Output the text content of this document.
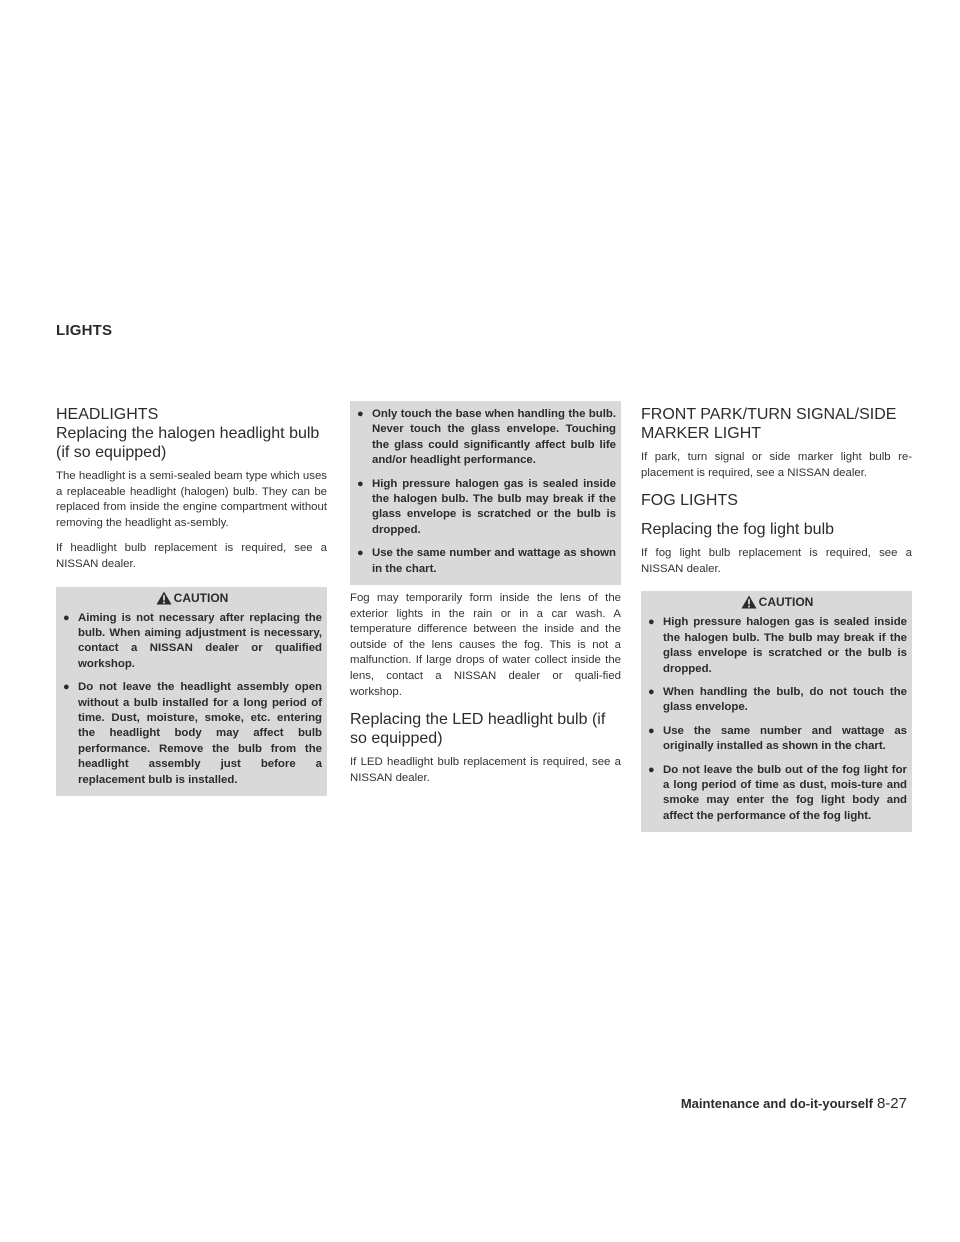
LIGHTS
HEADLIGHTS
Replacing the halogen headlight bulb (if so equipped)

The headlight is a semi-sealed beam type which uses a replaceable headlight (halogen) bulb. They can be replaced from inside the engine compartment without removing the headlight as-sembly.

If headlight bulb replacement is required, see a NISSAN dealer.

CAUTION
● Aiming is not necessary after replacing the bulb. When aiming adjustment is necessary, contact a NISSAN dealer or qualified workshop.
● Do not leave the headlight assembly open without a bulb installed for a long period of time. Dust, moisture, smoke, etc. entering the headlight body may affect bulb performance. Remove the bulb from the headlight assembly just before a replacement bulb is installed.
● Only touch the base when handling the bulb. Never touch the glass envelope. Touching the glass could significantly affect bulb life and/or headlight performance.
● High pressure halogen gas is sealed inside the halogen bulb. The bulb may break if the glass envelope is scratched or the bulb is dropped.
● Use the same number and wattage as shown in the chart.

Fog may temporarily form inside the lens of the exterior lights in the rain or in a car wash. A temperature difference between the inside and the outside of the lens causes the fog. This is not a malfunction. If large drops of water collect inside the lens, contact a NISSAN dealer or quali-fied workshop.

Replacing the LED headlight bulb (if so equipped)

If LED headlight bulb replacement is required, see a NISSAN dealer.

FRONT PARK/TURN SIGNAL/SIDE MARKER LIGHT

If park, turn signal or side marker light bulb re-placement is required, see a NISSAN dealer.

FOG LIGHTS
Replacing the fog light bulb

If fog light bulb replacement is required, see a NISSAN dealer.

CAUTION
● High pressure halogen gas is sealed inside the halogen bulb. The bulb may break if the glass envelope is scratched or the bulb is dropped.
● When handling the bulb, do not touch the glass envelope.
● Use the same number and wattage as originally installed as shown in the chart.
● Do not leave the bulb out of the fog light for a long period of time as dust, mois-ture and smoke may enter the fog light body and affect the performance of the fog light.
Maintenance and do-it-yourself 8-27
